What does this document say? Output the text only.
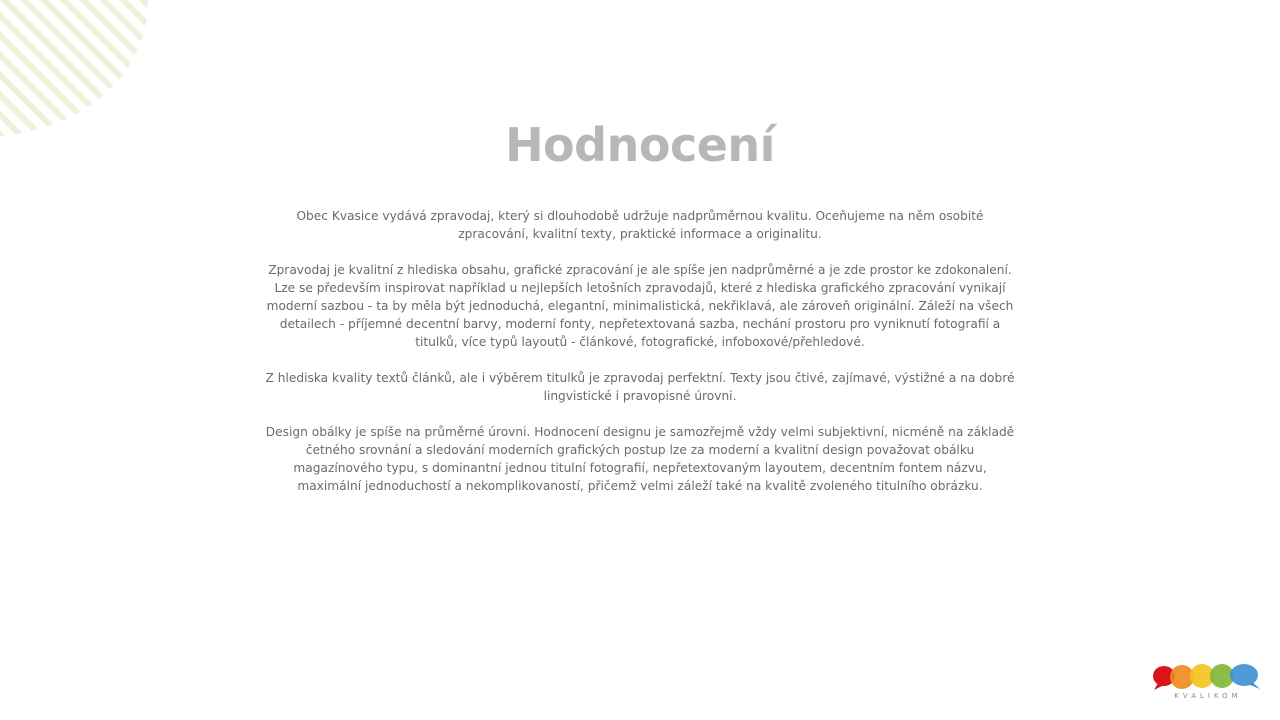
Hodnocení

Obec Kvasice vydává zpravodaj, který si dlouhodobě udržuje nadprůměrnou kvalitu. Oceňujeme na něm osobité zpracování, kvalitní texty, praktické informace a originalitu.

Zpravodaj je kvalitní z hlediska obsahu, grafické zpracování je ale spíše jen nadprůměrné a je zde prostor ke zdokonalení. Lze se především inspirovat například u nejlepších letošních zpravodajů, které z hlediska grafického zpracování vynikají moderní sazbou - ta by měla být jednoduchá, elegantní, minimalistická, nekřiklavá, ale zároveň originální. Záleží na všech detailech - příjemné decentní barvy, moderní fonty, nepřetextovaná sazba, nechání prostoru pro vyniknutí fotografií a titulků, více typů layoutů - článkové, fotografické, infoboxové/přehledové.

Z hlediska kvality textů článků, ale i výběrem titulků je zpravodaj perfektní. Texty jsou čtivé, zajímavé, výstižné a na dobré lingvistické i pravopisné úrovni.

Design obálky je spíše na průměrné úrovni. Hodnocení designu je samozřejmě vždy velmi subjektivní, nicméně na základě četného srovnání a sledování moderních grafických postup lze za moderní a kvalitní design považovat obálku magazínového typu, s dominantní jednou titulní fotografií, nepřetextovaným layoutem, decentním fontem názvu, maximální jednoduchostí a nekomplikovaností, přičemž velmi záleží také na kvalitě zvoleného titulního obrázku.

KVALIKOM
